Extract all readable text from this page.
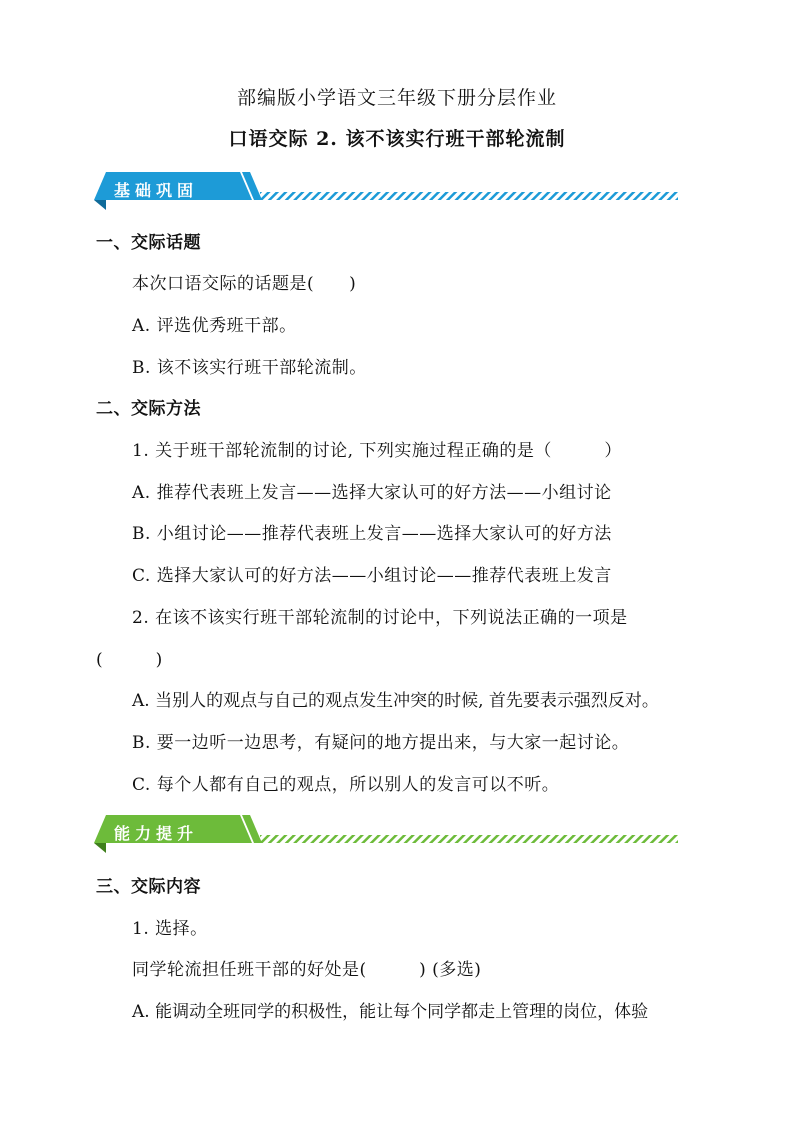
部编版小学语文三年级下册分层作业
口语交际 2. 该不该实行班干部轮流制
基础巩固
一、交际话题
本次口语交际的话题是(　　)
A. 评选优秀班干部。
B. 该不该实行班干部轮流制。
二、交际方法
1. 关于班干部轮流制的讨论, 下列实施过程正确的是（　　　）
A. 推荐代表班上发言——选择大家认可的好方法——小组讨论
B. 小组讨论——推荐代表班上发言——选择大家认可的好方法
C. 选择大家认可的好方法——小组讨论——推荐代表班上发言
2. 在该不该实行班干部轮流制的讨论中，下列说法正确的一项是
(　　　)
A. 当别人的观点与自己的观点发生冲突的时候, 首先要表示强烈反对。
B. 要一边听一边思考，有疑问的地方提出来，与大家一起讨论。
C. 每个人都有自己的观点，所以别人的发言可以不听。
能力提升
三、交际内容
1. 选择。
同学轮流担任班干部的好处是(　　　) (多选)
A. 能调动全班同学的积极性，能让每个同学都走上管理的岗位，体验
